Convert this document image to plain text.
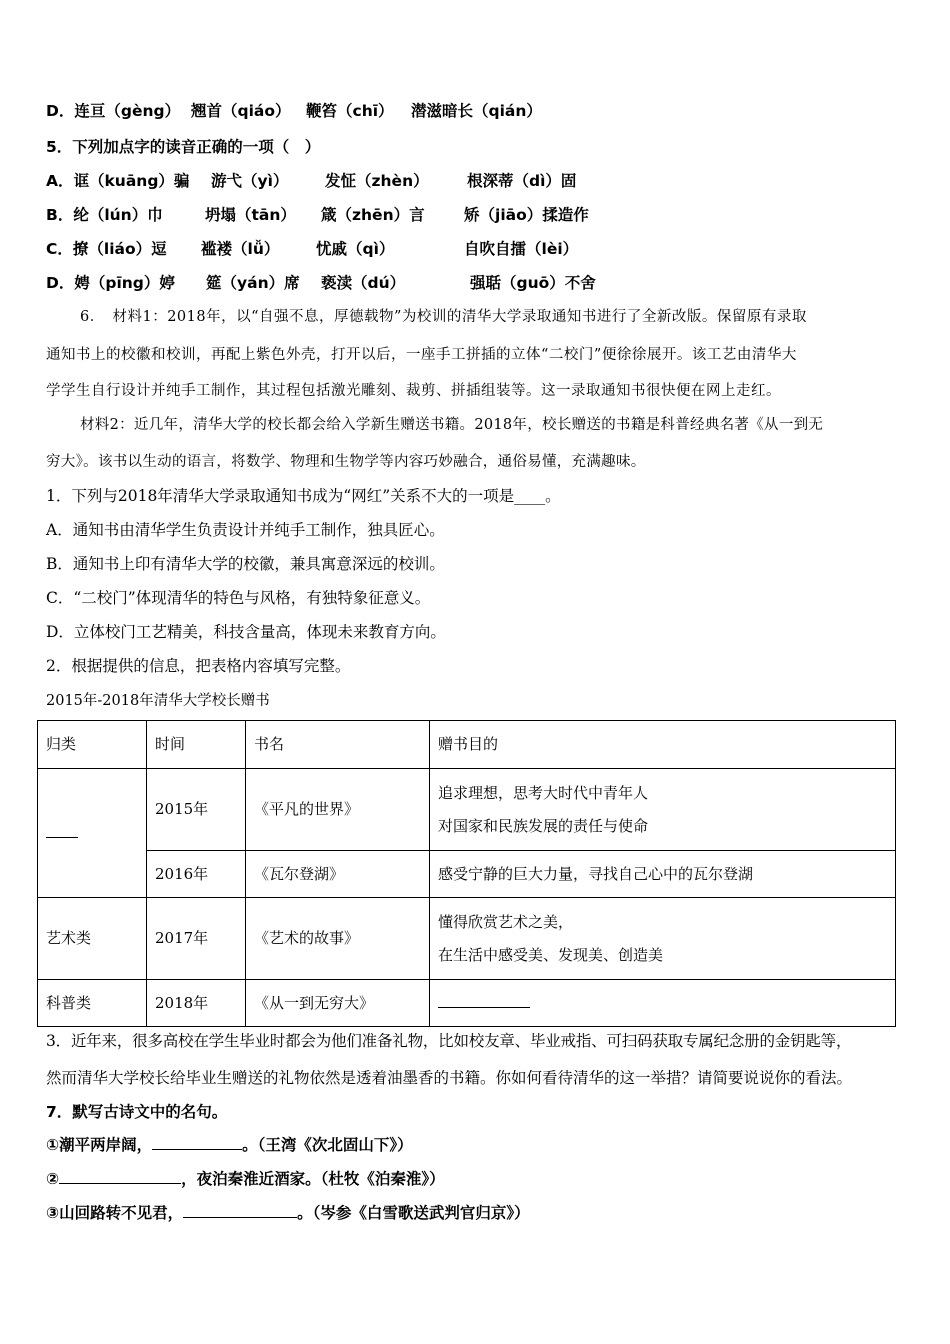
D．连亘（gèng） 翘首（qiáo） 鞭笞（chī） 潜滋暗长（qián）
5．下列加点字的读音正确的一项（　）
A．诓（kuāng）骗 游弋（yì） 发怔（zhèn） 根深蒂（dì）固
B．纶（lún）巾	坍塌（tān） 箴（zhēn）言	矫（jiāo）揉造作
C．撩（liáo）逗 褴褛（lǚ） 忧戚（qì）	自吹自擂（lèi）
D．娉（pīng）婷 筵（yán）席 亵渎（dú）	强聒（guō）不舍
6．　材料1：2018年，以“自强不息，厚德载物”为校训的清华大学录取通知书进行了全新改版。保留原有录取
通知书上的校徽和校训，再配上紫色外壳，打开以后，一座手工拼插的立体“二校门”便徐徐展开。该工艺由清华大
学学生自行设计并纯手工制作，其过程包括激光雕刻、裁剪、拼插组装等。这一录取通知书很快便在网上走红。
材料2：近几年，清华大学的校长都会给入学新生赠送书籍。2018年，校长赠送的书籍是科普经典名著《从一到无
穷大》。该书以生动的语言，将数学、物理和生物学等内容巧妙融合，通俗易懂，充满趣味。
1．下列与2018年清华大学录取通知书成为“网红”关系不大的一项是____。
A．通知书由清华学生负责设计并纯手工制作，独具匠心。
B．通知书上印有清华大学的校徽，兼具寓意深远的校训。
C．“二校门”体现清华的特色与风格，有独特象征意义。
D．立体校门工艺精美，科技含量高，体现未来教育方向。
2．根据提供的信息，把表格内容填写完整。
2015年-2018年清华大学校长赠书
归类	时间	书名	赠书目的
	2015年	《平凡的世界》	追求理想，思考大时代中青年人
对国家和民族发展的责任与使命

	2016年	《瓦尔登湖》	感受宁静的巨大力量，寻找自己心中的瓦尔登湖
艺术类	2017年	《艺术的故事》	懂得欣赏艺术之美，
在生活中感受美、发现美、创造美

科普类	2018年	《从一到无穷大》	
3．近年来，很多高校在学生毕业时都会为他们准备礼物，比如校友章、毕业戒指、可扫码获取专属纪念册的金钥匙等，
然而清华大学校长给毕业生赠送的礼物依然是透着油墨香的书籍。你如何看待清华的这一举措？请简要说说你的看法。
7．默写古诗文中的名句。
①潮平两岸阔，	。（王湾《次北固山下》）
②	，夜泊秦淮近酒家。（杜牧《泊秦淮》）
③山回路转不见君，	。（岑参《白雪歌送武判官归京》）
